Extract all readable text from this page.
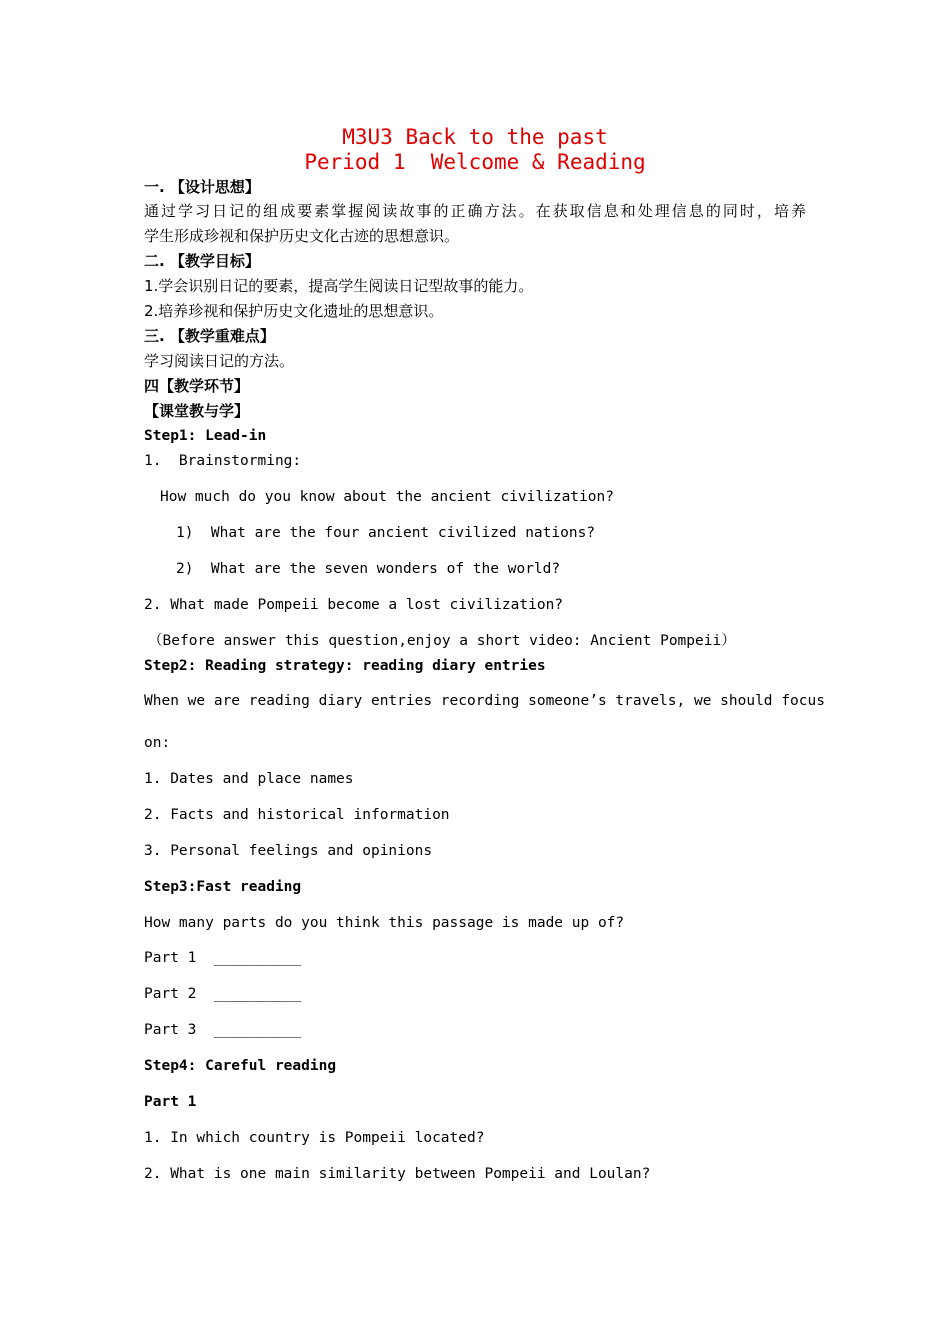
M3U3 Back to the past
Period 1  Welcome & Reading
一. 【设计思想】
通过学习日记的组成要素掌握阅读故事的正确方法。在获取信息和处理信息的同时，培养
学生形成珍视和保护历史文化古迹的思想意识。
二. 【教学目标】
1.学会识别日记的要素，提高学生阅读日记型故事的能力。
2.培养珍视和保护历史文化遗址的思想意识。
三. 【教学重难点】
学习阅读日记的方法。
四【教学环节】
【课堂教与学】
Step1: Lead-in
1.  Brainstorming:
How much do you know about the ancient civilization?
1)  What are the four ancient civilized nations?
2)  What are the seven wonders of the world?
2. What made Pompeii become a lost civilization?
（Before answer this question,enjoy a short video: Ancient Pompeii）
Step2: Reading strategy: reading diary entries
When we are reading diary entries recording someone’s travels, we should focus
on:
1. Dates and place names
2. Facts and historical information
3. Personal feelings and opinions
Step3:Fast reading
How many parts do you think this passage is made up of?
Part 1  __________
Part 2  __________
Part 3  __________
Step4: Careful reading
Part 1
1. In which country is Pompeii located?
2. What is one main similarity between Pompeii and Loulan?
